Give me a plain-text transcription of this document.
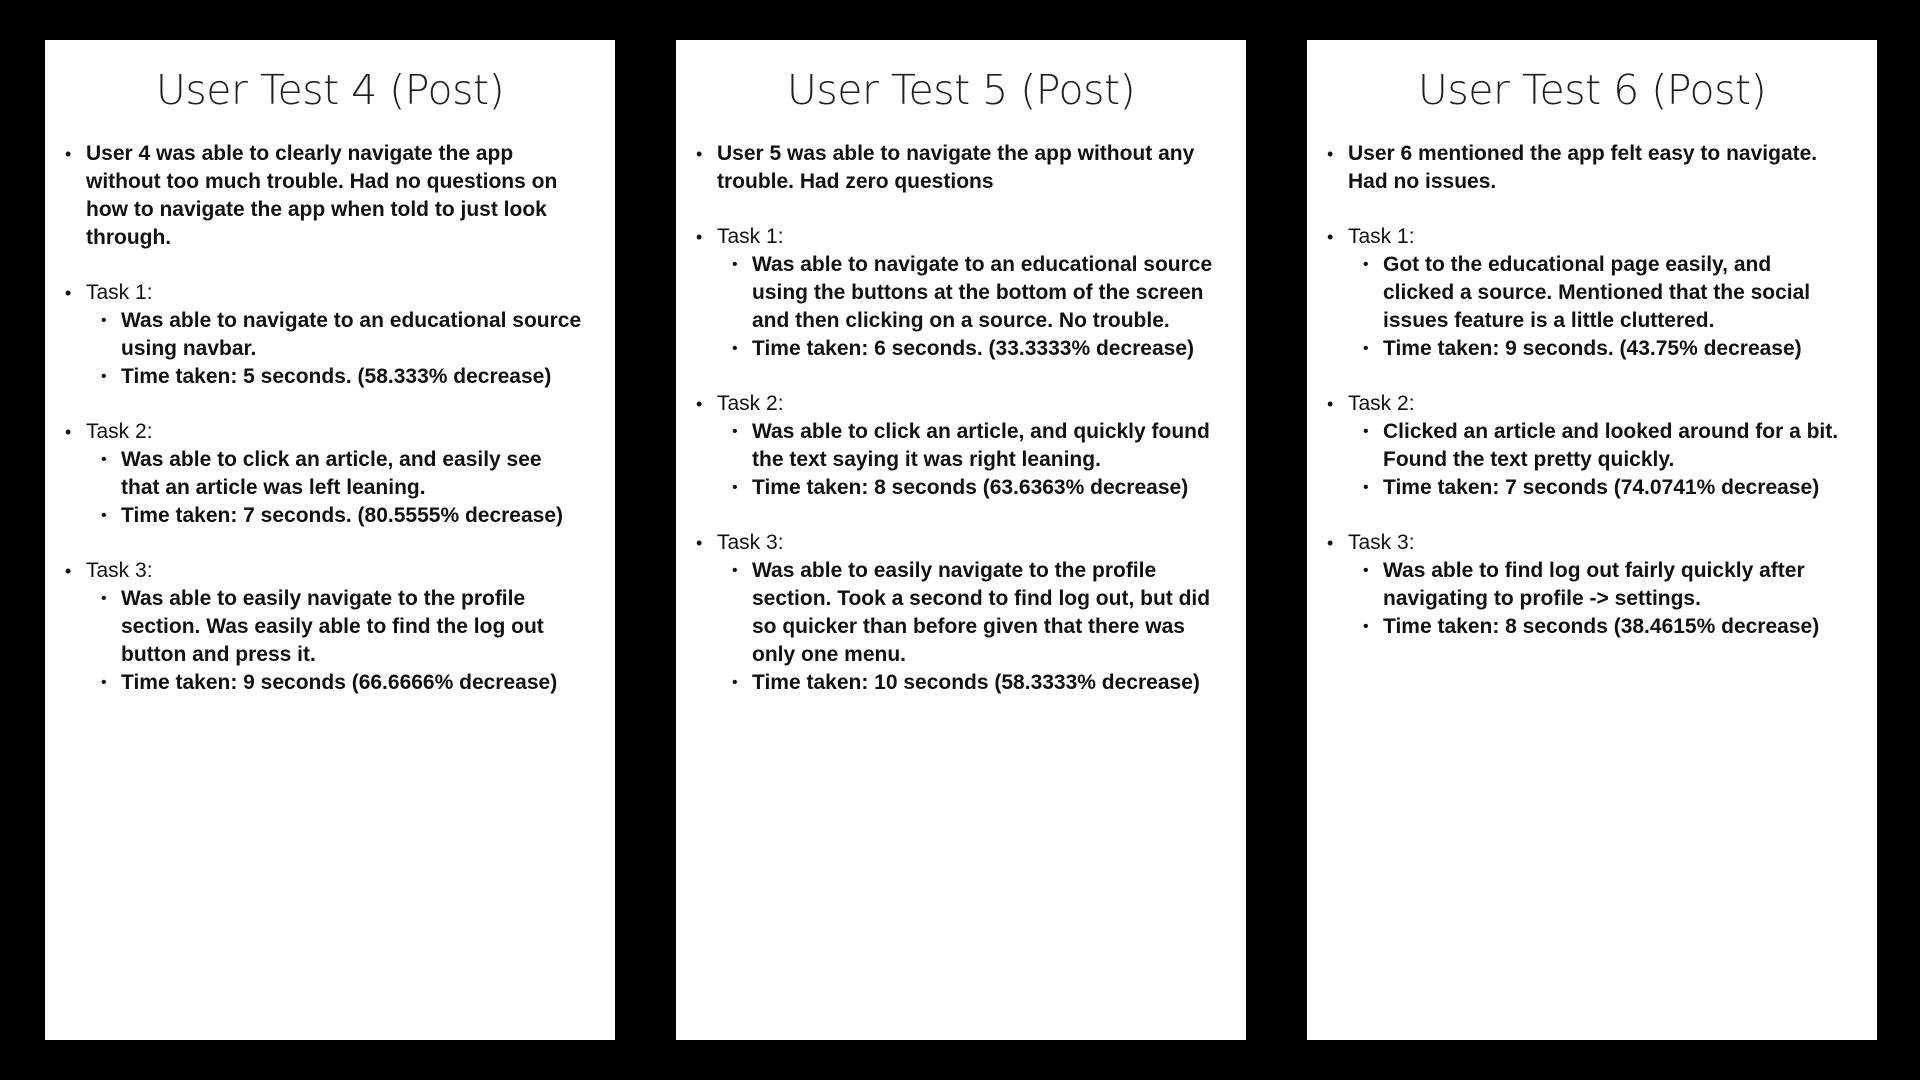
User Test 4 (Post)
• User 4 was able to clearly navigate the app without too much trouble. Had no questions on how to navigate the app when told to just look through.
• Task 1:
• Was able to navigate to an educational source using navbar.
• Time taken: 5 seconds. (58.333% decrease)
• Task 2:
• Was able to click an article, and easily see that an article was left leaning.
• Time taken: 7 seconds. (80.5555% decrease)
• Task 3:
• Was able to easily navigate to the profile section. Was easily able to find the log out button and press it.
• Time taken: 9 seconds (66.6666% decrease)
User Test 5 (Post)
• User 5 was able to navigate the app without any trouble. Had zero questions
• Task 1:
• Was able to navigate to an educational source using the buttons at the bottom of the screen and then clicking on a source. No trouble.
• Time taken: 6 seconds. (33.3333% decrease)
• Task 2:
• Was able to click an article, and quickly found the text saying it was right leaning.
• Time taken: 8 seconds (63.6363% decrease)
• Task 3:
• Was able to easily navigate to the profile section. Took a second to find log out, but did so quicker than before given that there was only one menu.
• Time taken: 10 seconds (58.3333% decrease)
User Test 6 (Post)
• User 6 mentioned the app felt easy to navigate. Had no issues.
• Task 1:
• Got to the educational page easily, and clicked a source. Mentioned that the social issues feature is a little cluttered.
• Time taken: 9 seconds. (43.75% decrease)
• Task 2:
• Clicked an article and looked around for a bit. Found the text pretty quickly.
• Time taken: 7 seconds (74.0741% decrease)
• Task 3:
• Was able to find log out fairly quickly after navigating to profile -> settings.
• Time taken: 8 seconds (38.4615% decrease)
